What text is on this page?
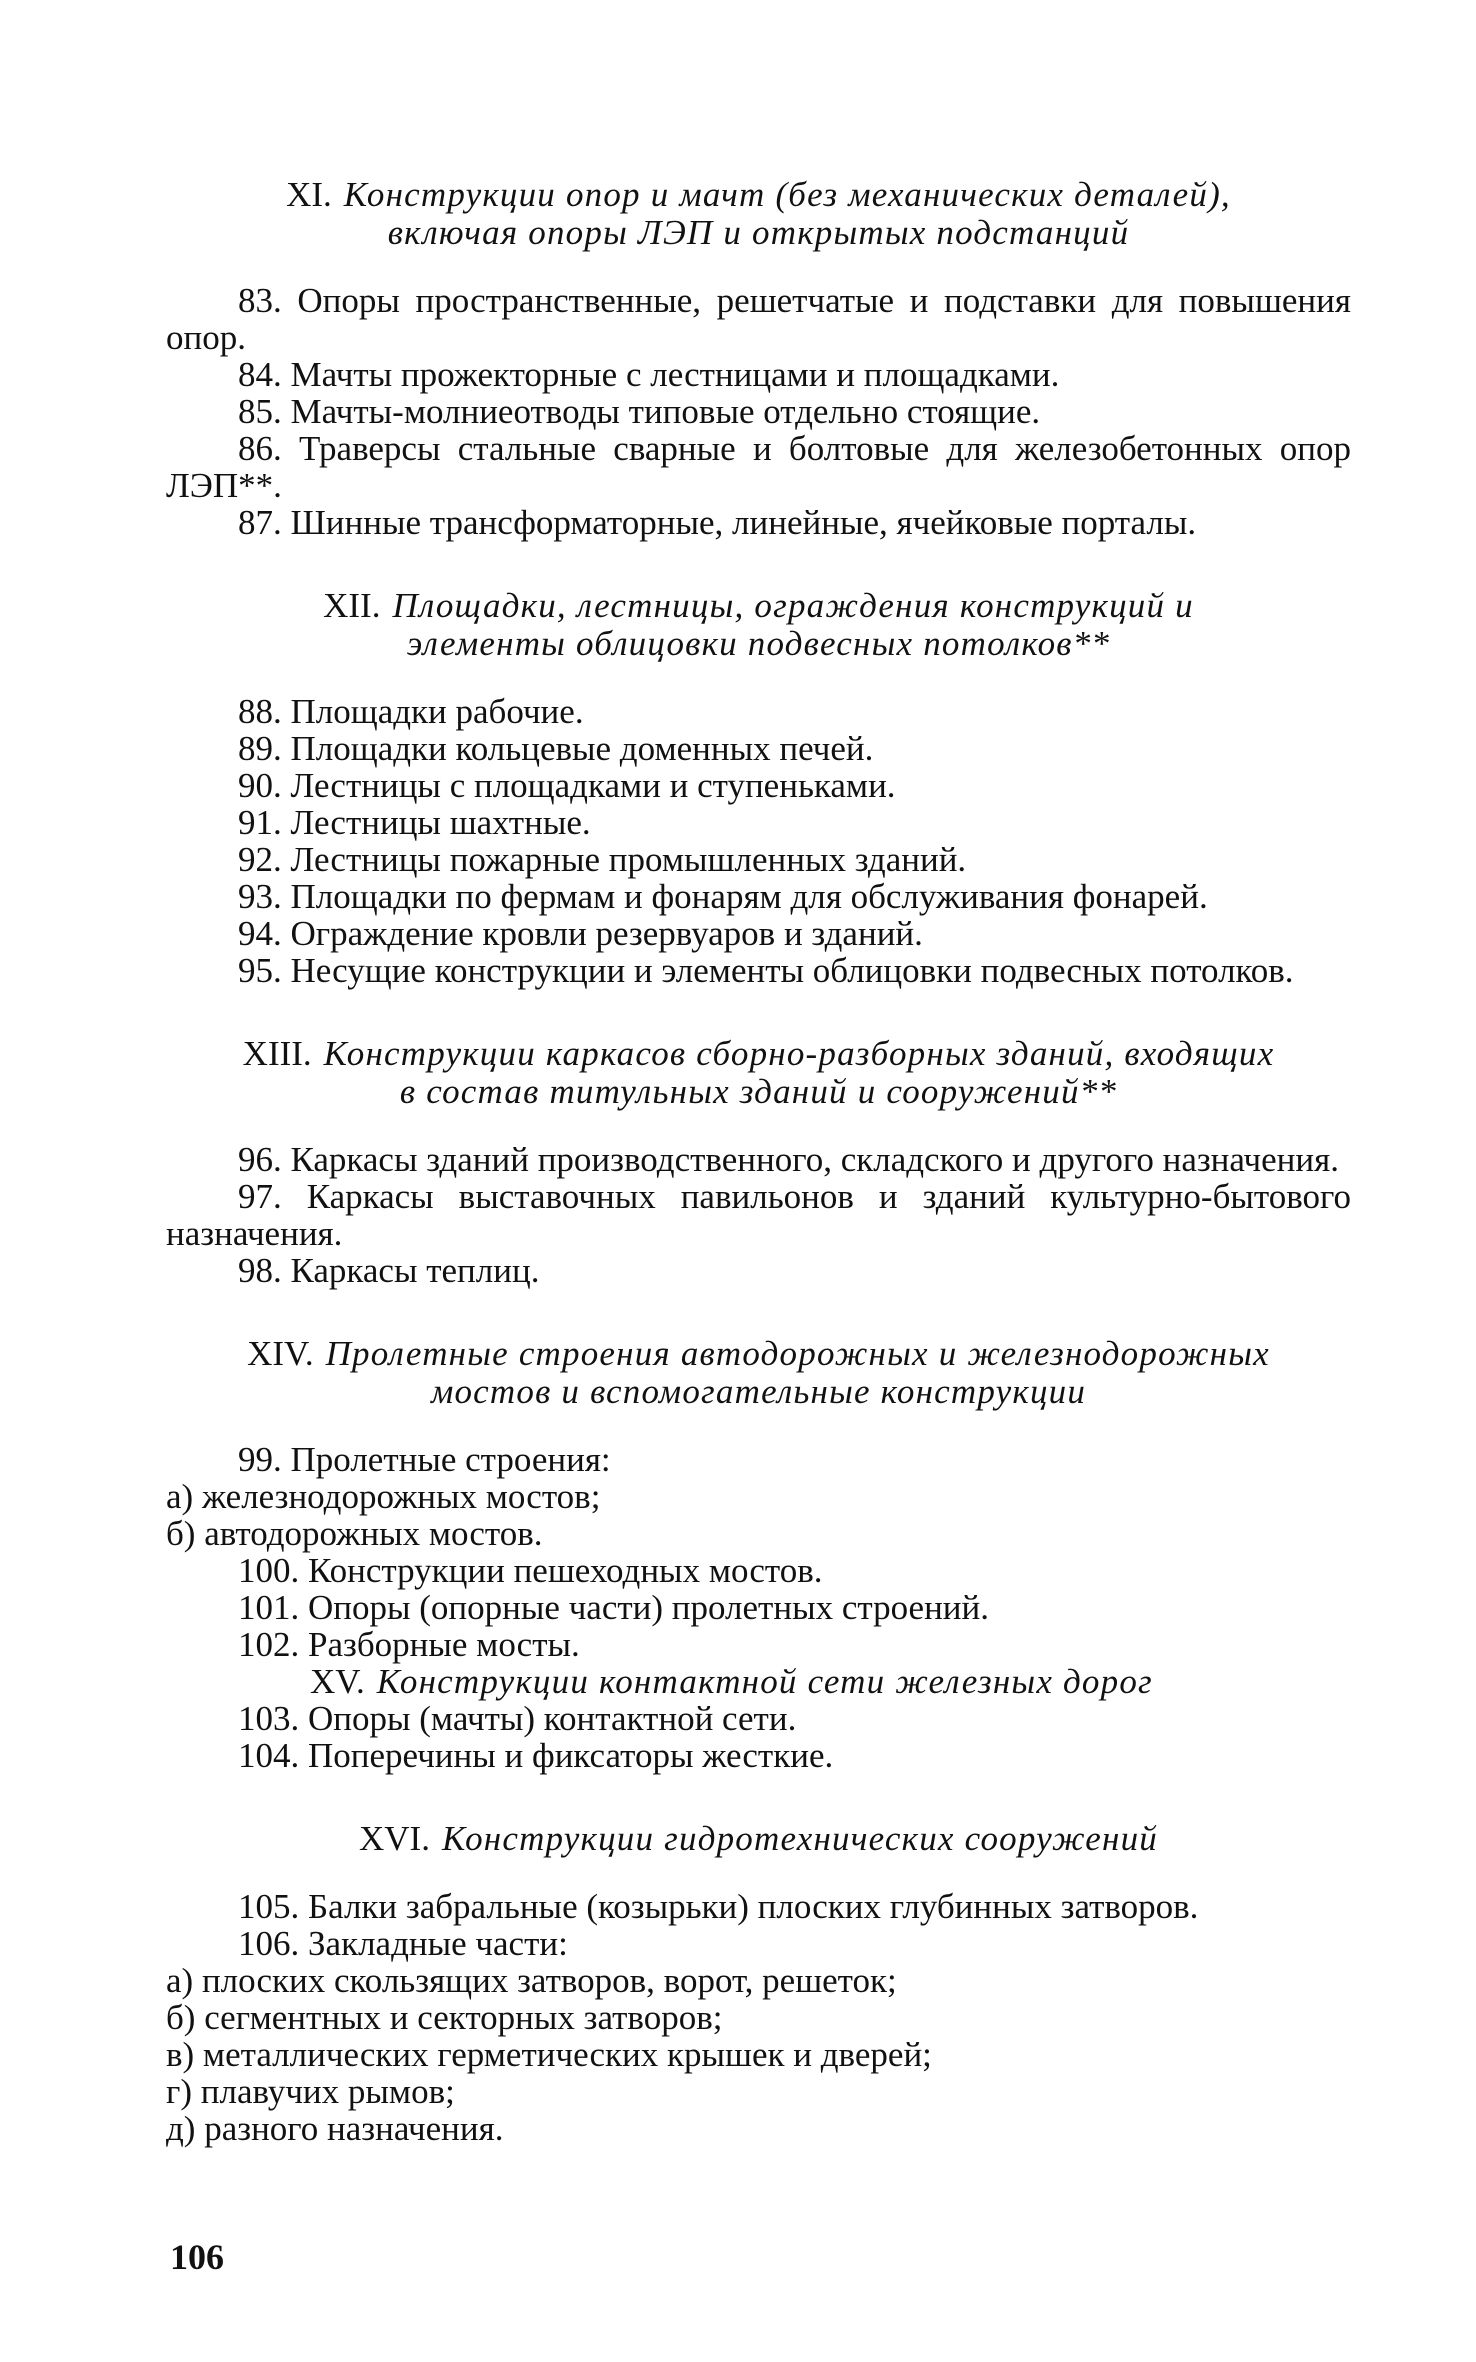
XI. Конструкции опор и мачт (без механических деталей),
включая опоры ЛЭП и открытых подстанций

83. Опоры пространственные, решетчатые и подставки для повышения опор.

84. Мачты прожекторные с лестницами и площадками.

85. Мачты-молниеотводы типовые отдельно стоящие.

86. Траверсы стальные сварные и болтовые для железобетонных опор ЛЭП**.

87. Шинные трансформаторные, линейные, ячейковые порталы.

XII. Площадки, лестницы, ограждения конструкций и
элементы облицовки подвесных потолков**

88. Площадки рабочие.

89. Площадки кольцевые доменных печей.

90. Лестницы с площадками и ступеньками.

91. Лестницы шахтные.

92. Лестницы пожарные промышленных зданий.

93. Площадки по фермам и фонарям для обслуживания фонарей.

94. Ограждение кровли резервуаров и зданий.

95. Несущие конструкции и элементы облицовки подвесных потолков.

XIII. Конструкции каркасов сборно-разборных зданий, входящих
в состав титульных зданий и сооружений**

96. Каркасы зданий производственного, складского и другого назначения.

97. Каркасы выставочных павильонов и зданий культурно-бытового назначения.

98. Каркасы теплиц.

XIV. Пролетные строения автодорожных и железнодорожных
мостов и вспомогательные конструкции

99. Пролетные строения:

а) железнодорожных мостов;

б) автодорожных мостов.

100. Конструкции пешеходных мостов.

101. Опоры (опорные части) пролетных строений.

102. Разборные мосты.

XV. Конструкции контактной сети железных дорог

103. Опоры (мачты) контактной сети.

104. Поперечины и фиксаторы жесткие.

XVI. Конструкции гидротехнических сооружений

105. Балки забральные (козырьки) плоских глубинных затворов.

106. Закладные части:

а) плоских скользящих затворов, ворот, решеток;

б) сегментных и секторных затворов;

в) металлических герметических крышек и дверей;

г) плавучих рымов;

д) разного назначения.

106
